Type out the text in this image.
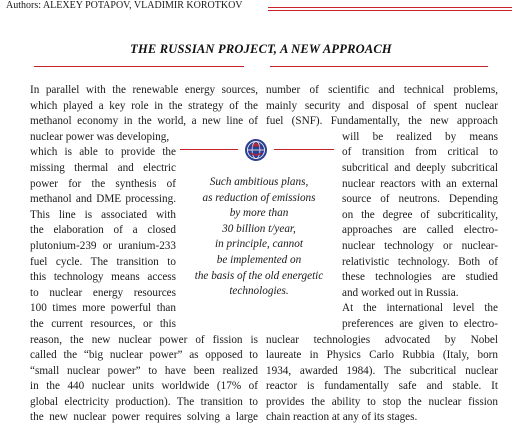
Authors: ALEXEY POTAPOV, VLADIMIR KOROTKOV
THE RUSSIAN PROJECT, A NEW APPROACH
In parallel with the renewable energy sources,
which played a key role in the strategy of the
methanol economy in the world, a new line of
nuclear power was developing,
which is able to provide the
missing thermal and electric
power for the synthesis of
methanol and DME processing.
This line is associated with
the elaboration of a closed
plutonium-239 or uranium-233
fuel cycle. The transition to
this technology means access
to nuclear energy resources
100 times more powerful than
the current resources, or this
reason, the new nuclear power of fission is
called the “big nuclear power” as opposed to
“small nuclear power” to have been realized
in the 440 nuclear units worldwide (17% of
global electricity production). The transition to
the new nuclear power requires solving a large
number of scientific and technical problems,
mainly security and disposal of spent nuclear
fuel (SNF). Fundamentally, the new approach
will be realized by means
of transition from critical to
subcritical and deeply subcritical
nuclear reactors with an external
source of neutrons. Depending
on the degree of subcriticality,
approaches are called electro-
nuclear technology or nuclear-
relativistic technology. Both of
these technologies are studied
and worked out in Russia.
At the international level the
preferences are given to electro-
nuclear technologies advocated by Nobel
laureate in Physics Carlo Rubbia (Italy, born
1934, awarded 1984). The subcritical nuclear
reactor is fundamentally safe and stable. It
provides the ability to stop the nuclear fission
chain reaction at any of its stages.
Such ambitious plans,
as reduction of emissions
by more than
30 billion t/year,
in principle, cannot
be implemented on
the basis of the old energetic
technologies.
